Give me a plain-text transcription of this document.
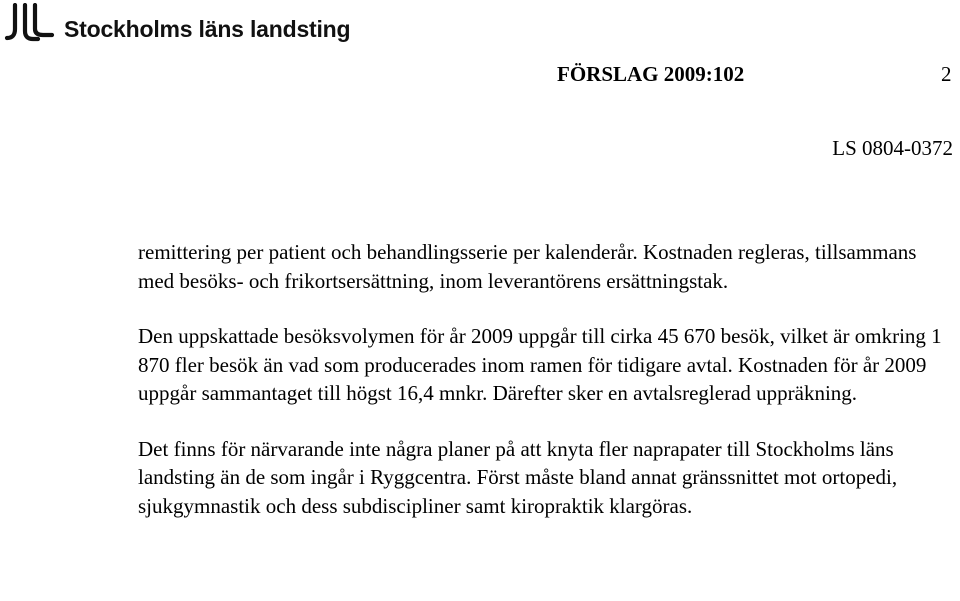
Stockholms läns landsting
FÖRSLAG 2009:102	2
LS 0804-0372

remittering per patient och behandlingsserie per kalenderår. Kostnaden regleras, tillsammans med besöks- och frikortsersättning, inom leverantörens ersättningstak.

Den uppskattade besöksvolymen för år 2009 uppgår till cirka 45 670 besök, vilket är omkring 1 870 fler besök än vad som producerades inom ramen för tidigare avtal. Kostnaden för år 2009 uppgår sammantaget till högst 16,4 mnkr. Därefter sker en avtalsreglerad uppräkning.

Det finns för närvarande inte några planer på att knyta fler naprapater till Stockholms läns landsting än de som ingår i Ryggcentra. Först måste bland annat gränssnittet mot ortopedi, sjukgymnastik och dess subdiscipliner samt kiropraktik klargöras.
